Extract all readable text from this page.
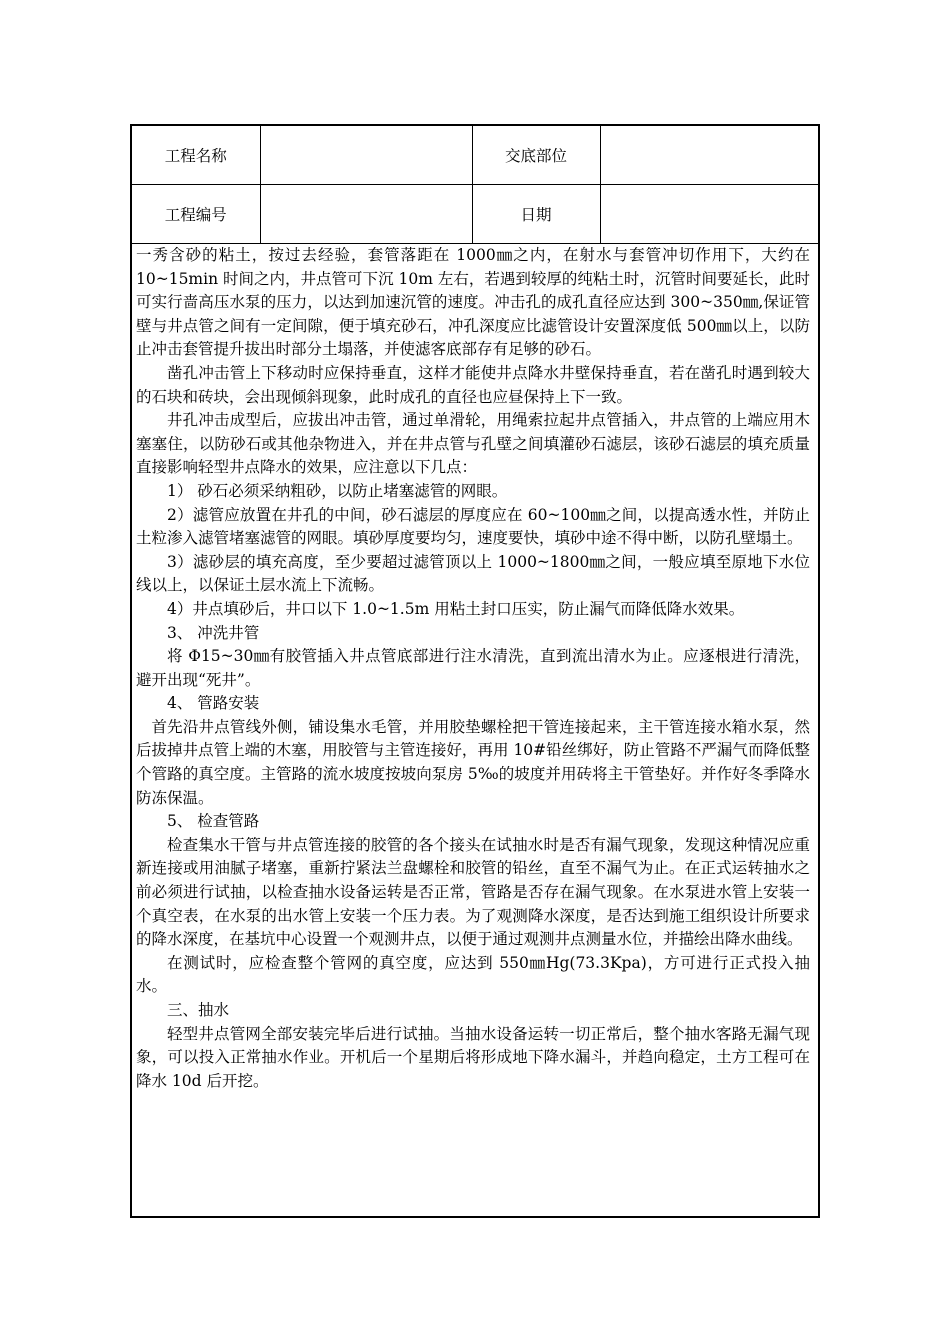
工程名称		交底部位	
工程编号		日期	

一秀含砂的粘土，按过去经验，套管落距在 1000㎜之内，在射水与套管冲切作用下，大约在 10~15min 时间之内，井点管可下沉 10m 左右，若遇到较厚的纯粘土时，沉管时间要延长，此时可实行啬高压水泵的压力，以达到加速沉管的速度。冲击孔的成孔直径应达到 300~350㎜,保证管壁与井点管之间有一定间隙，便于填充砂石，冲孔深度应比滤管设计安置深度低 500㎜以上，以防止冲击套管提升拔出时部分土塌落，并使滤客底部存有足够的砂石。

凿孔冲击管上下移动时应保持垂直，这样才能使井点降水井壁保持垂直，若在凿孔时遇到较大的石块和砖块，会出现倾斜现象，此时成孔的直径也应昼保持上下一致。

井孔冲击成型后，应拔出冲击管，通过单滑轮，用绳索拉起井点管插入，井点管的上端应用木塞塞住，以防砂石或其他杂物进入，并在井点管与孔壁之间填灌砂石滤层，该砂石滤层的填充质量直接影响轻型井点降水的效果，应注意以下几点：

1） 砂石必须采纳粗砂，以防止堵塞滤管的网眼。

2）滤管应放置在井孔的中间，砂石滤层的厚度应在 60~100㎜之间，以提高透水性，并防止土粒渗入滤管堵塞滤管的网眼。填砂厚度要均匀，速度要快，填砂中途不得中断，以防孔壁塌土。

3）滤砂层的填充高度，至少要超过滤管顶以上 1000~1800㎜之间，一般应填至原地下水位线以上，以保证土层水流上下流畅。

4）井点填砂后，井口以下 1.0~1.5m 用粘土封口压实，防止漏气而降低降水效果。

3、 冲洗井管

将 Φ15~30㎜有胶管插入井点管底部进行注水清洗，直到流出清水为止。应逐根进行清洗，避开出现“死井”。

4、 管路安装

首先沿井点管线外侧，铺设集水毛管，并用胶垫螺栓把干管连接起来，主干管连接水箱水泵，然后拔掉井点管上端的木塞，用胶管与主管连接好，再用 10#铅丝绑好，防止管路不严漏气而降低整个管路的真空度。主管路的流水坡度按坡向泵房 5‰的坡度并用砖将主干管垫好。并作好冬季降水防冻保温。

5、 检查管路

检查集水干管与井点管连接的胶管的各个接头在试抽水时是否有漏气现象，发现这种情况应重新连接或用油腻子堵塞，重新拧紧法兰盘螺栓和胶管的铅丝，直至不漏气为止。在正式运转抽水之前必须进行试抽，以检查抽水设备运转是否正常，管路是否存在漏气现象。在水泵进水管上安装一个真空表，在水泵的出水管上安装一个压力表。为了观测降水深度，是否达到施工组织设计所要求的降水深度，在基坑中心设置一个观测井点，以便于通过观测井点测量水位，并描绘出降水曲线。

在测试时，应检查整个管网的真空度，应达到 550㎜Hg(73.3Kpa)，方可进行正式投入抽水。

三、抽水

轻型井点管网全部安装完毕后进行试抽。当抽水设备运转一切正常后，整个抽水客路无漏气现象，可以投入正常抽水作业。开机后一个星期后将形成地下降水漏斗，并趋向稳定，土方工程可在降水 10d 后开挖。
